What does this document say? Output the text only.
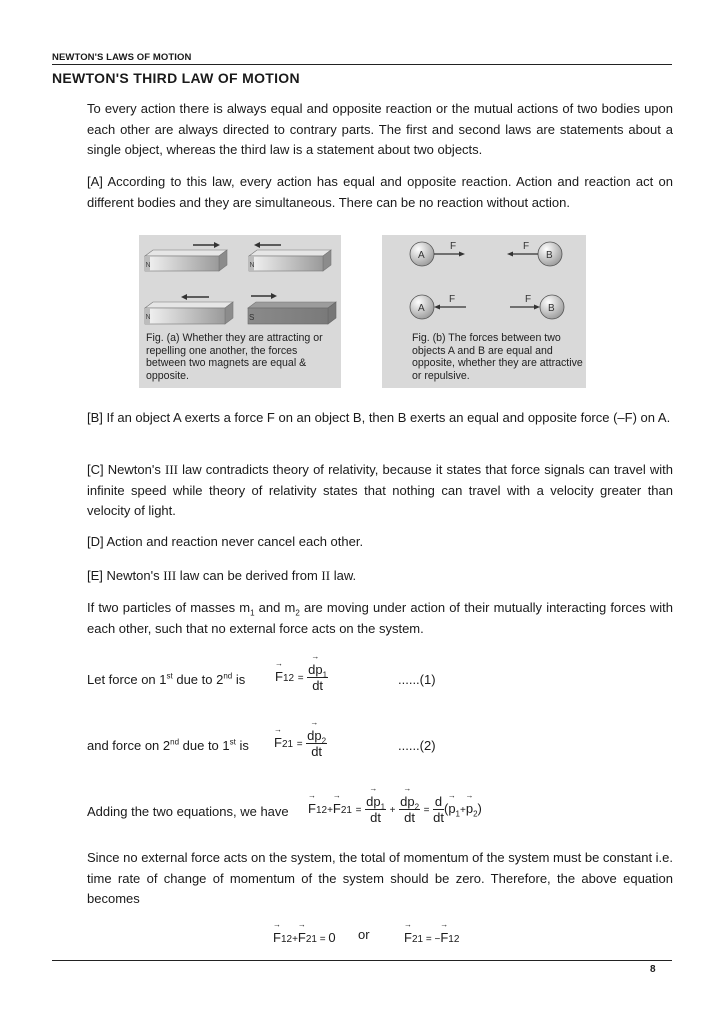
NEWTON'S LAWS OF MOTION
NEWTON'S THIRD LAW OF MOTION
To every action there is always equal and opposite reaction or the mutual actions of two bodies upon each other are always directed to contrary parts. The first and second laws are statements about a single object, whereas the third law is a statement about two objects.
[A] According to this law, every action has equal and opposite reaction. Action and reaction act on different bodies and they are simultaneous. There can be no reaction without action.
N	N
N	S
Fig. (a) Whether they are attracting or repelling one another, the forces between two magnets are equal & opposite.
A
F
B
F
A
F
B
F
Fig. (b) The forces between two objects A and B are equal and opposite, whether they are attractive or repulsive.
[B] If an object A exerts a force F on an object B, then B exerts an equal and opposite force (–F) on A.
[C] Newton's III law contradicts theory of relativity, because it states that force signals can travel with infinite speed while theory of relativity states that nothing can travel with a velocity greater than velocity of light.
[D] Action and reaction never cancel each other.
[E] Newton's III law can be derived from II law.
If two particles of masses $m_1$ and $m_2$ are moving under action of their mutually interacting forces with each other, such that no external force acts on the system.
Let force on 1st due to 2nd is → F12 = → $\frac{dp_1}{dt}$	......(1)
and force on 2nd due to 1st is → F21 = → $\frac{dp_2}{dt}$	......(2)
Adding the two equations, we have → F12+→ F21 = → $\frac{dp_1}{dt}$ + → $\frac{dp_2}{dt} = \frac{d}{dt}$ (→ $p_1+\to p_2$)
Since no external force acts on the system, the total of momentum of the system must be constant i.e. time rate of change of momentum of the system should be zero. Therefore, the above equation becomes
→ F12+→ F21 = 0 or	→ F21 = −→ F12
8
